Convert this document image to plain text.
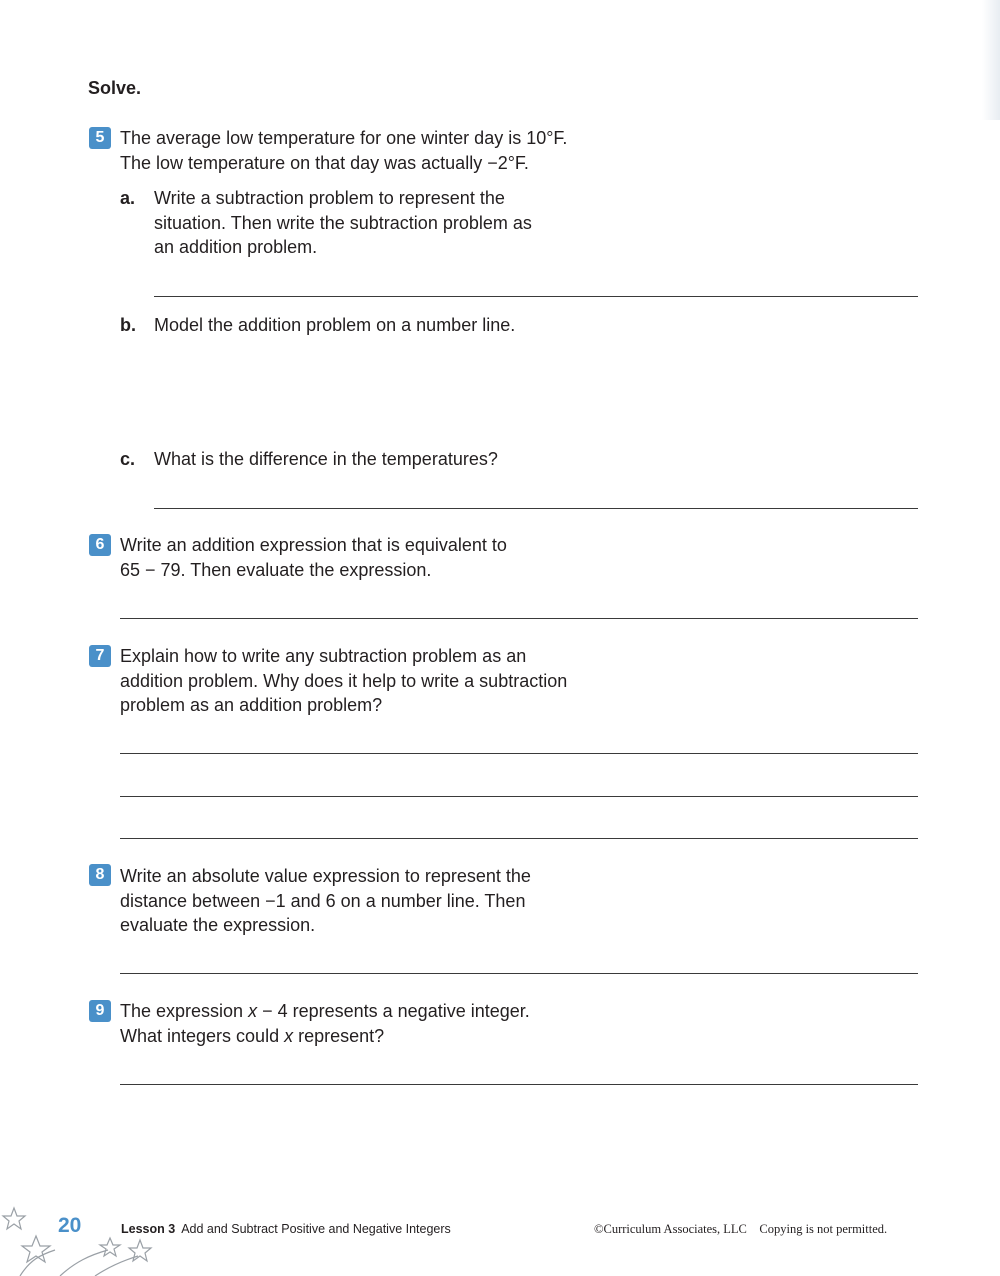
Solve.
5 The average low temperature for one winter day is 10°F.
The low temperature on that day was actually −2°F.
a. Write a subtraction problem to represent the
situation. Then write the subtraction problem as
an addition problem.
b. Model the addition problem on a number line.
c. What is the difference in the temperatures?
6 Write an addition expression that is equivalent to
65 − 79. Then evaluate the expression.
7 Explain how to write any subtraction problem as an
addition problem. Why does it help to write a subtraction
problem as an addition problem?
8 Write an absolute value expression to represent the
distance between −1 and 6 on a number line. Then
evaluate the expression.
9 The expression x − 4 represents a negative integer.
What integers could x represent?
20	Lesson 3 Add and Subtract Positive and Negative Integers	©Curriculum Associates, LLC    Copying is not permitted.
